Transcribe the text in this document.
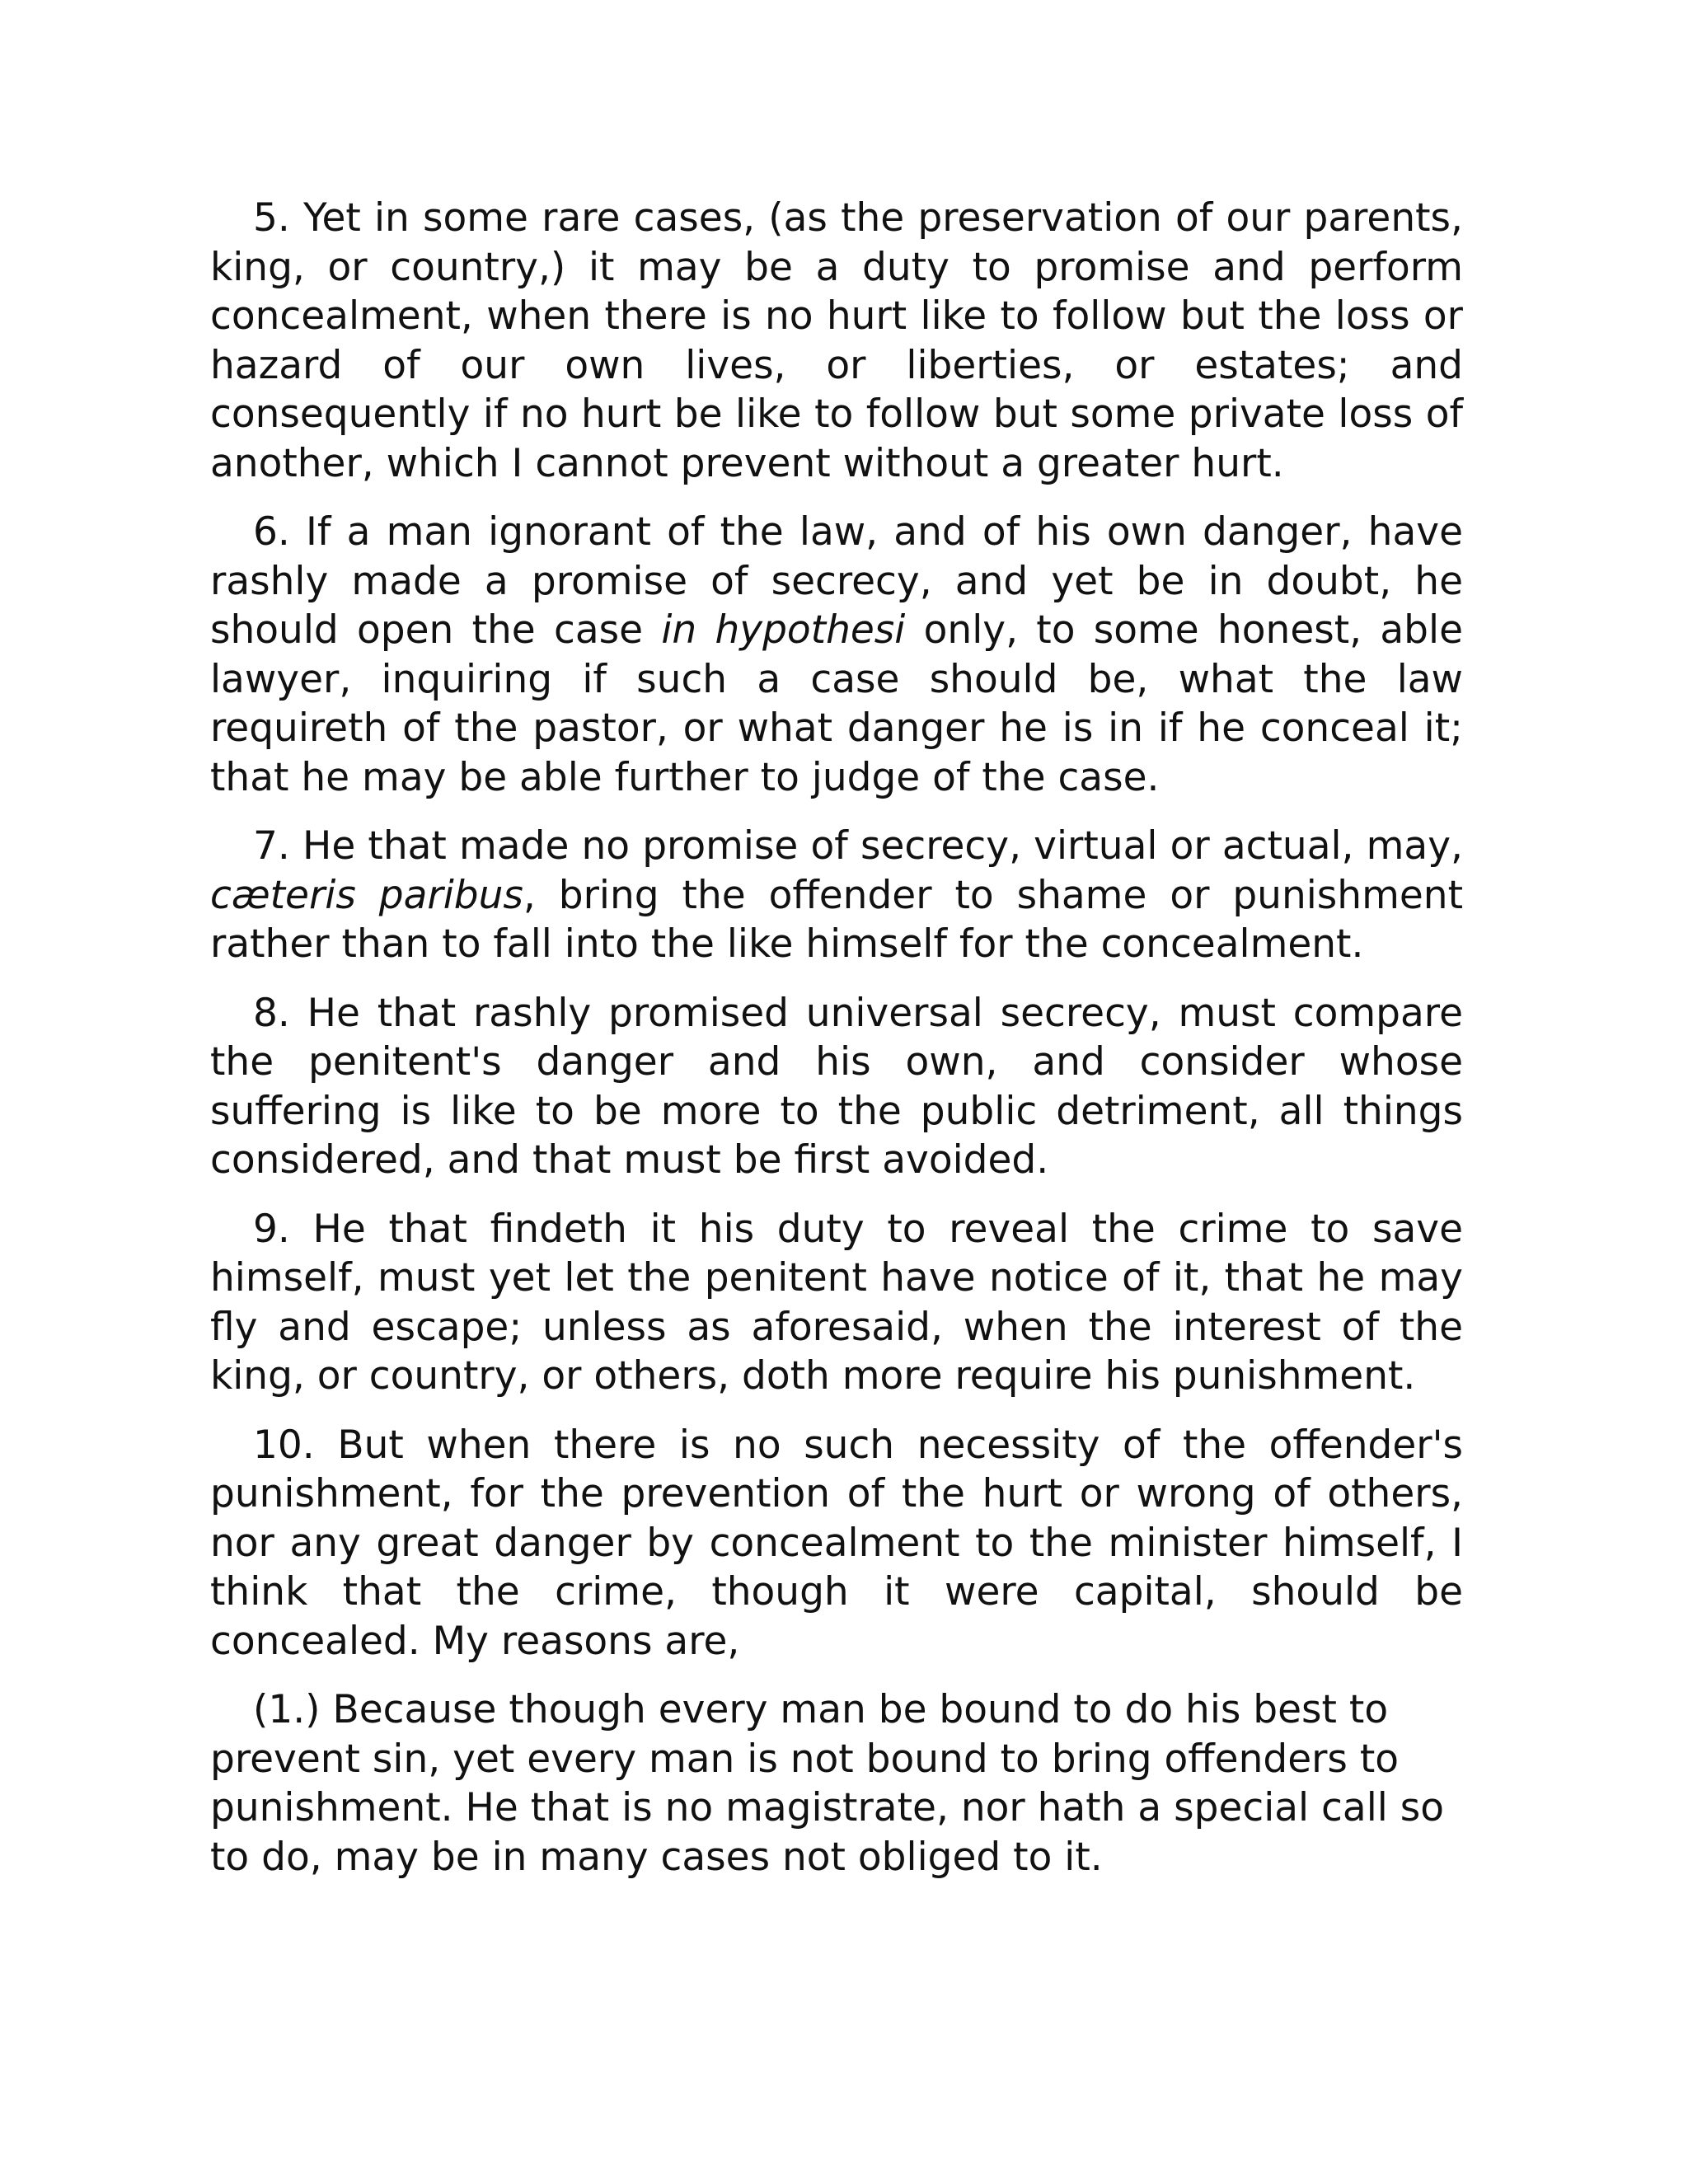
5. Yet in some rare cases, (as the preservation of our parents, king, or country,) it may be a duty to promise and perform concealment, when there is no hurt like to follow but the loss or hazard of our own lives, or liberties, or estates; and consequently if no hurt be like to follow but some private loss of another, which I cannot prevent without a greater hurt.

6. If a man ignorant of the law, and of his own danger, have rashly made a promise of secrecy, and yet be in doubt, he should open the case in hypothesi only, to some honest, able lawyer, inquiring if such a case should be, what the law requireth of the pastor, or what danger he is in if he conceal it; that he may be able further to judge of the case.

7. He that made no promise of secrecy, virtual or actual, may, cæteris paribus, bring the offender to shame or punishment rather than to fall into the like himself for the concealment.

8. He that rashly promised universal secrecy, must compare the penitent's danger and his own, and consider whose suffering is like to be more to the public detriment, all things considered, and that must be first avoided.

9. He that findeth it his duty to reveal the crime to save himself, must yet let the penitent have notice of it, that he may fly and escape; unless as aforesaid, when the interest of the king, or country, or others, doth more require his punishment.

10. But when there is no such necessity of the offender's punishment, for the prevention of the hurt or wrong of others, nor any great danger by concealment to the minister himself, I think that the crime, though it were capital, should be concealed. My reasons are,

(1.) Because though every man be bound to do his best to prevent sin, yet every man is not bound to bring offenders to punishment. He that is no magistrate, nor hath a special call so to do, may be in many cases not obliged to it.
